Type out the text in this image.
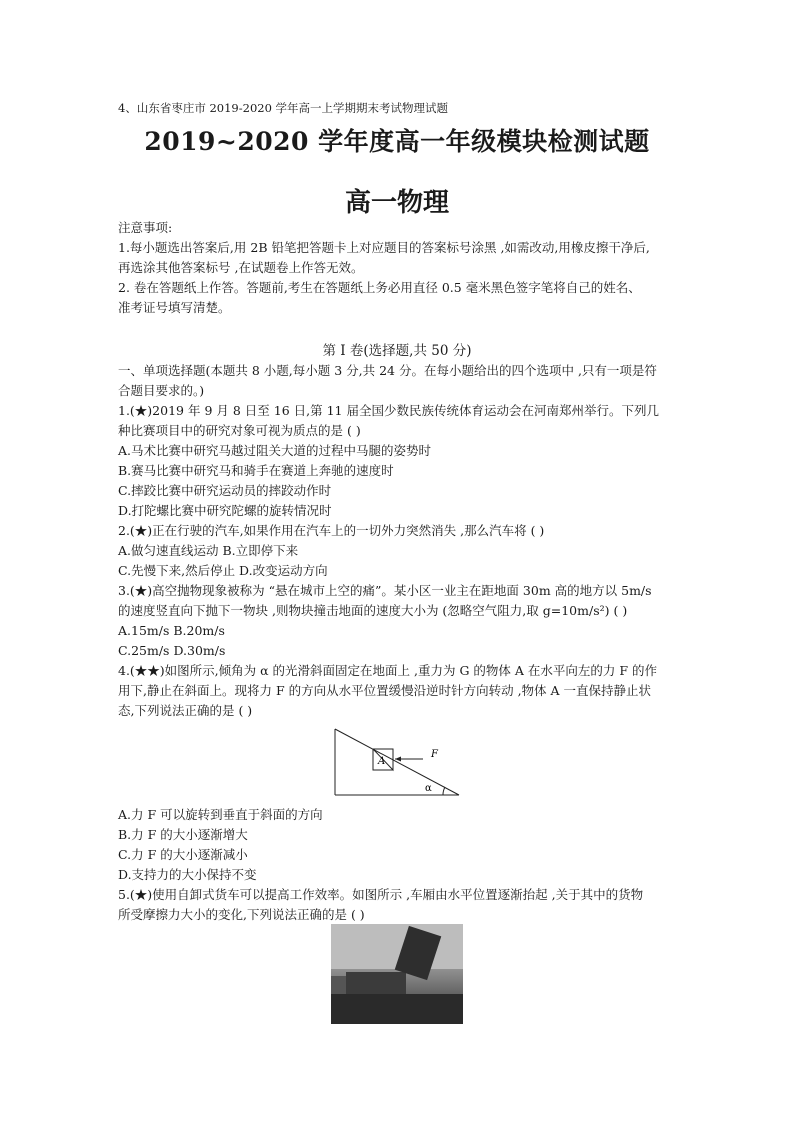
4、山东省枣庄市 2019-2020 学年高一上学期期末考试物理试题
2019~2020 学年度高一年级模块检测试题
高一物理
注意事项:
1.每小题选出答案后,用 2B 铅笔把答题卡上对应题目的答案标号涂黑 ,如需改动,用橡皮擦干净后,
再选涂其他答案标号 ,在试题卷上作答无效。
2. 卷在答题纸上作答。答题前,考生在答题纸上务必用直径 0.5 毫米黑色签字笔将自己的姓名、
准考证号填写清楚。
第 Ⅰ 卷(选择题,共 50 分)
一、单项选择题(本题共 8 小题,每小题 3 分,共 24 分。在每小题给出的四个选项中 ,只有一项是符
合题目要求的。)
1.(★)2019 年 9 月 8 日至 16 日,第 11 届全国少数民族传统体育运动会在河南郑州举行。下列几
种比赛项目中的研究对象可视为质点的是 ( )
A.马术比赛中研究马越过阻关大道的过程中马腿的姿势时
B.赛马比赛中研究马和骑手在赛道上奔驰的速度时
C.摔跤比赛中研究运动员的摔跤动作时
D.打陀螺比赛中研究陀螺的旋转情况时
2.(★)正在行驶的汽车,如果作用在汽车上的一切外力突然消失 ,那么汽车将 ( )
A.做匀速直线运动 B.立即停下来
C.先慢下来,然后停止 D.改变运动方向
3.(★)高空抛物现象被称为 “悬在城市上空的痛”。某小区一业主在距地面 30m 高的地方以 5m/s
的速度竖直向下抛下一物块 ,则物块撞击地面的速度大小为 (忽略空气阻力,取 g=10m/s²) ( )
A.15m/s B.20m/s
C.25m/s D.30m/s
4.(★★)如图所示,倾角为 α 的光滑斜面固定在地面上 ,重力为 G 的物体 A 在水平向左的力 F 的作
用下,静止在斜面上。现将力 F 的方向从水平位置缓慢沿逆时针方向转动 ,物体 A 一直保持静止状
态,下列说法正确的是 ( )
A
F
α
A.力 F 可以旋转到垂直于斜面的方向
B.力 F 的大小逐渐增大
C.力 F 的大小逐渐减小
D.支持力的大小保持不变
5.(★)使用自卸式货车可以提高工作效率。如图所示 ,车厢由水平位置逐渐抬起 ,关于其中的货物
所受摩擦力大小的变化,下列说法正确的是 ( )
